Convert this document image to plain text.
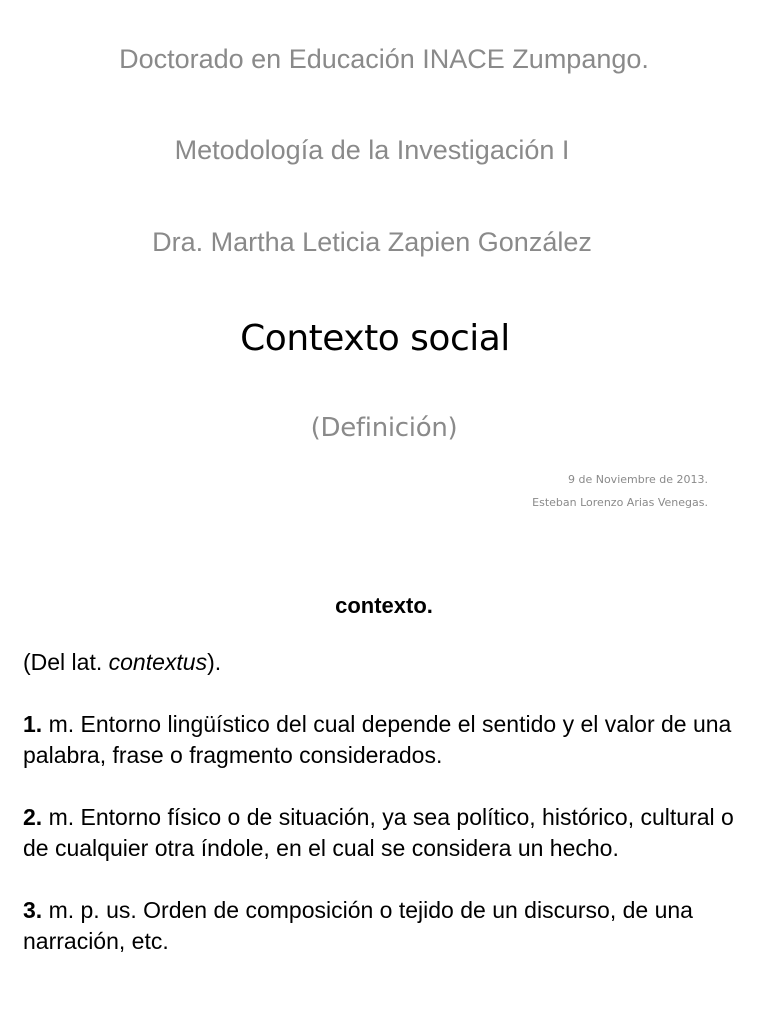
Doctorado en Educación INACE Zumpango.
Metodología de la Investigación I
Dra. Martha Leticia Zapien González
Contexto social
(Definición)
9 de Noviembre de 2013.
Esteban Lorenzo Arias Venegas.
contexto.
(Del lat. contextus).
1. m. Entorno lingüístico del cual depende el sentido y el valor de una palabra, frase o fragmento considerados.
2. m. Entorno físico o de situación, ya sea político, histórico, cultural o de cualquier otra índole, en el cual se considera un hecho.
3. m. p. us. Orden de composición o tejido de un discurso, de una narración, etc.
